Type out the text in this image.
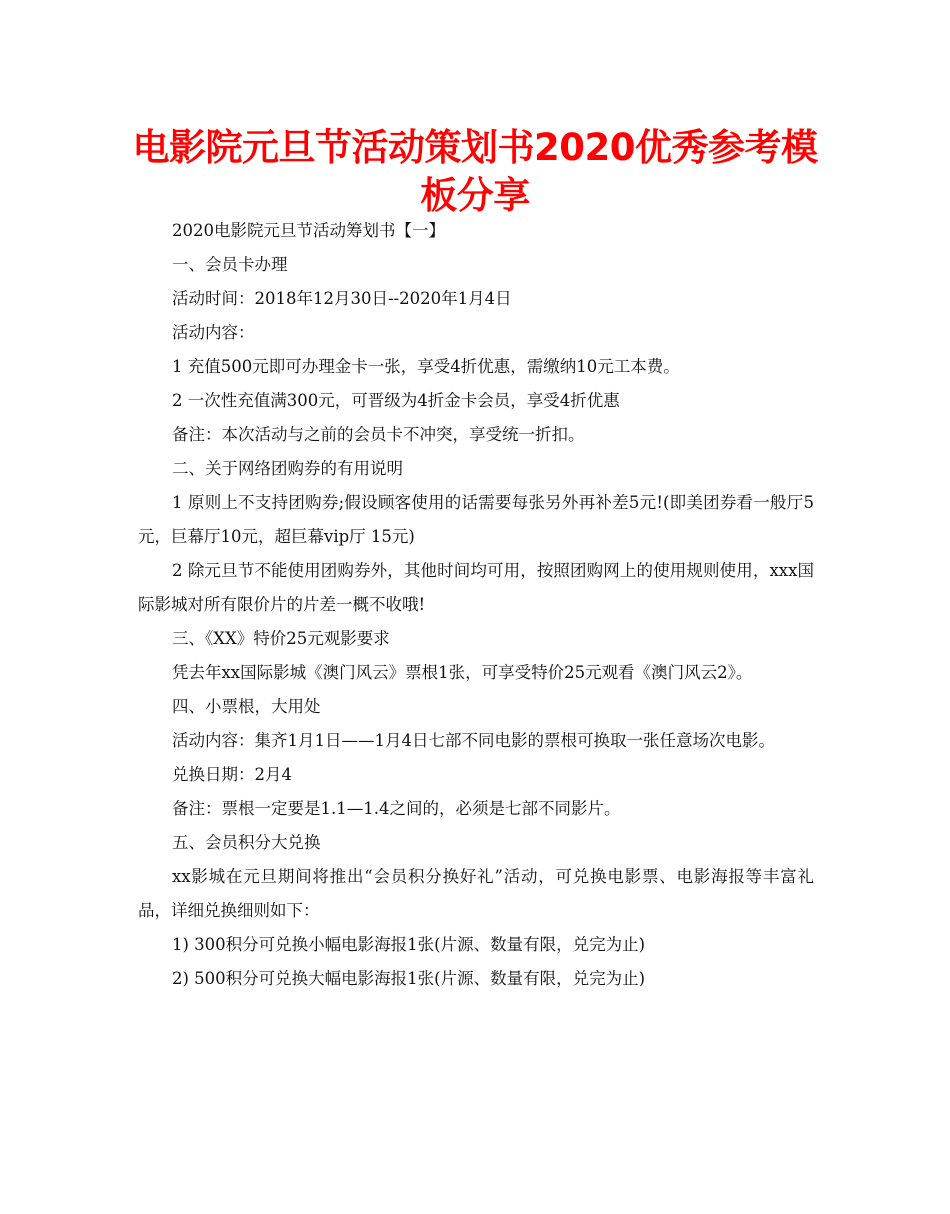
电影院元旦节活动策划书2020优秀参考模板分享

2020电影院元旦节活动筹划书【一】

一、会员卡办理

活动时间：2018年12月30日--2020年1月4日

活动内容：

1 充值500元即可办理金卡一张，享受4折优惠，需缴纳10元工本费。

2 一次性充值满300元，可晋级为4折金卡会员，享受4折优惠

备注：本次活动与之前的会员卡不冲突，享受统一折扣。

二、关于网络团购券的有用说明

1 原则上不支持团购券;假设顾客使用的话需要每张另外再补差5元!(即美团券看一般厅5元，巨幕厅10元，超巨幕vip厅 15元)

2 除元旦节不能使用团购券外，其他时间均可用，按照团购网上的使用规则使用，xxx国际影城对所有限价片的片差一概不收哦!

三、《XX》特价25元观影要求

凭去年xx国际影城《澳门风云》票根1张，可享受特价25元观看《澳门风云2》。

四、小票根，大用处

活动内容：集齐1月1日——1月4日七部不同电影的票根可换取一张任意场次电影。

兑换日期：2月4

备注：票根一定要是1.1—1.4之间的，必须是七部不同影片。

五、会员积分大兑换

xx影城在元旦期间将推出“会员积分换好礼”活动，可兑换电影票、电影海报等丰富礼品，详细兑换细则如下：

1) 300积分可兑换小幅电影海报1张(片源、数量有限，兑完为止)

2) 500积分可兑换大幅电影海报1张(片源、数量有限，兑完为止)
